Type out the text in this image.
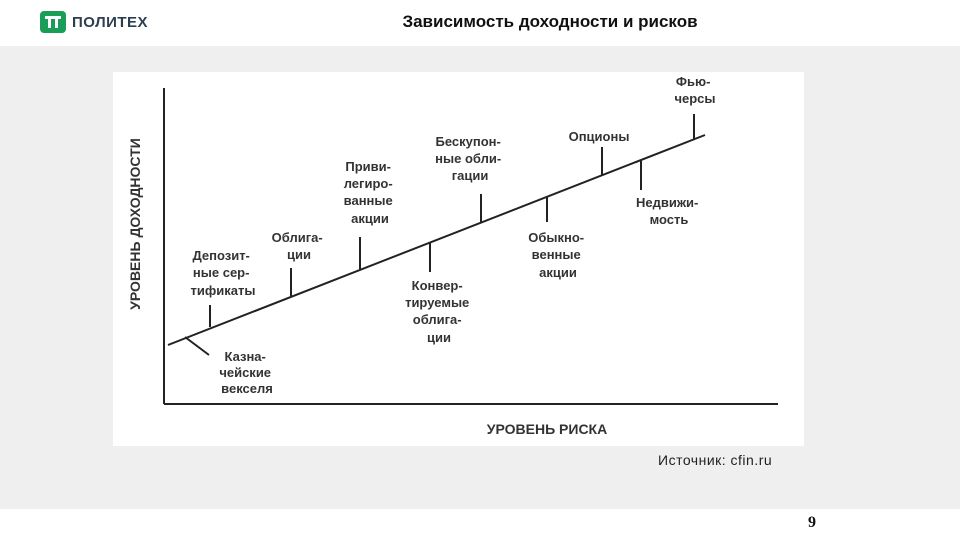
ПОЛИТЕХ	Зависимость доходности и рисков
УРОВЕНЬ ДОХОДНОСТИ
УРОВЕНЬ РИСКА
Казна- чейские векселя
Депозит- ные сер- тификаты
Облига- ции
Приви- легиро- ванные акции
Конвер- тируемые облига- ции
Бескупон- ные обли- гации
Обыкно- венные акции
Опционы
Недвижи- мость
Фью- черсы
Источник: cfin.ru
9
